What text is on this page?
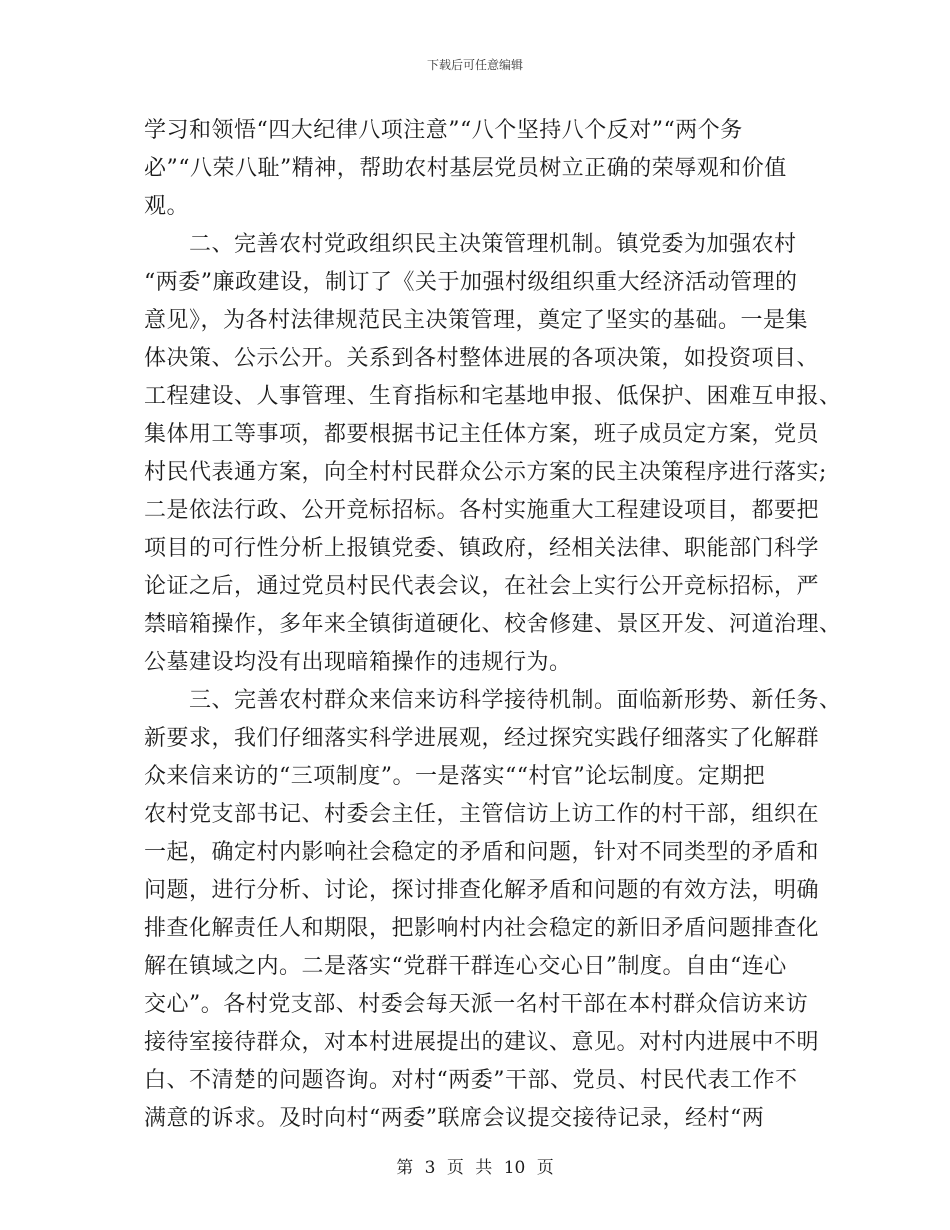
下载后可任意编辑
学习和领悟“四大纪律八项注意”“八个坚持八个反对”“两个务
必”“八荣八耻”精神，帮助农村基层党员树立正确的荣辱观和价值
观。
　　二、完善农村党政组织民主决策管理机制。镇党委为加强农村
“两委”廉政建设，制订了《关于加强村级组织重大经济活动管理的
意见》，为各村法律规范民主决策管理，奠定了坚实的基础。一是集
体决策、公示公开。关系到各村整体进展的各项决策，如投资项目、
工程建设、人事管理、生育指标和宅基地申报、低保护、困难互申报、
集体用工等事项，都要根据书记主任体方案，班子成员定方案，党员
村民代表通方案，向全村村民群众公示方案的民主决策程序进行落实;
二是依法行政、公开竞标招标。各村实施重大工程建设项目，都要把
项目的可行性分析上报镇党委、镇政府，经相关法律、职能部门科学
论证之后，通过党员村民代表会议，在社会上实行公开竞标招标，严
禁暗箱操作，多年来全镇街道硬化、校舍修建、景区开发、河道治理、
公墓建设均没有出现暗箱操作的违规行为。
　　三、完善农村群众来信来访科学接待机制。面临新形势、新任务、
新要求，我们仔细落实科学进展观，经过探究实践仔细落实了化解群
众来信来访的“三项制度”。一是落实““村官”论坛制度。定期把
农村党支部书记、村委会主任，主管信访上访工作的村干部，组织在
一起，确定村内影响社会稳定的矛盾和问题，针对不同类型的矛盾和
问题，进行分析、讨论，探讨排查化解矛盾和问题的有效方法，明确
排查化解责任人和期限，把影响村内社会稳定的新旧矛盾问题排查化
解在镇域之内。二是落实“党群干群连心交心日”制度。自由“连心
交心”。各村党支部、村委会每天派一名村干部在本村群众信访来访
接待室接待群众，对本村进展提出的建议、意见。对村内进展中不明
白、不清楚的问题咨询。对村“两委”干部、党员、村民代表工作不
满意的诉求。及时向村“两委”联席会议提交接待记录，经村“两
第 3 页 共 10 页
